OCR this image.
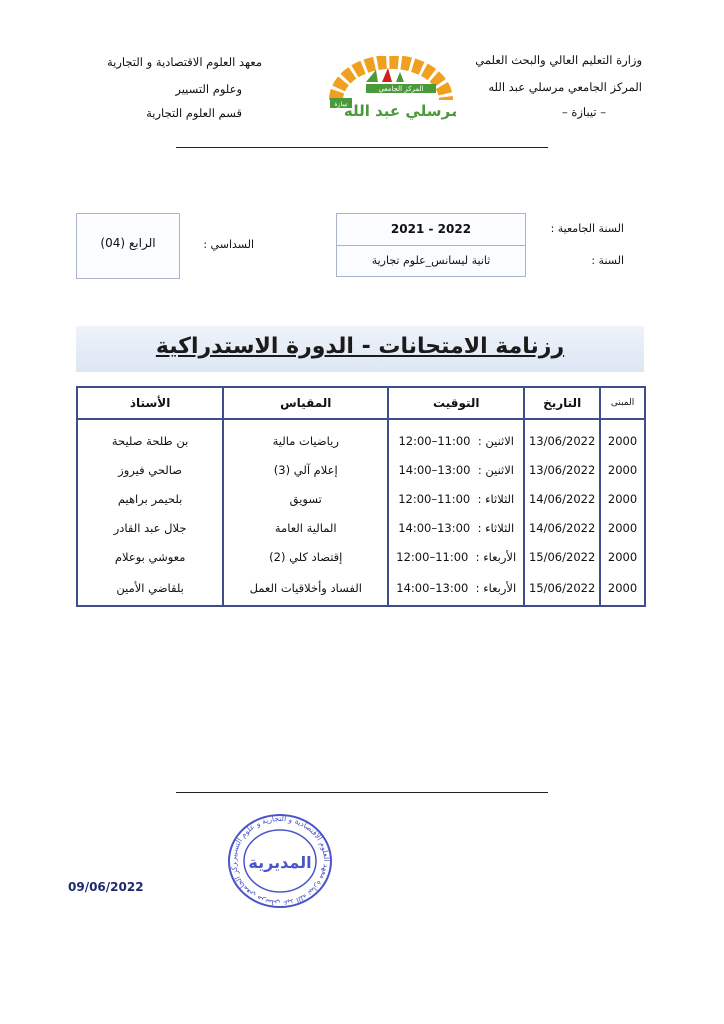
وزارة التعليم العالي والبحث العلمي
المركز الجامعي مرسلي عبد الله
– تيبازة –
معهد العلوم الاقتصادية و التجارية
وعلوم التسيير
قسم العلوم التجارية
المركز الجامعي
تيبازة
مرسلي عبد الله
الرابع (04)	السداسي :
2022 - 2021
ثانية ليسانس_علوم تجارية
السنة الجامعية :
السنة :
رزنامة الامتحانات - الدورة الاستدراكية
المبنى	التاريخ	التوقيت	المقياس	الأستاذ
2000	13/06/2022	الاثنين :  11:00–12:00	رياضيات مالية	بن طلحة صليحة
2000	13/06/2022	الاثنين :  13:00–14:00	إعلام آلي (3)	صالحي فيروز
2000	14/06/2022	الثلاثاء :  11:00–12:00	تسويق	بلحيمر براهيم
2000	14/06/2022	الثلاثاء :  13:00–14:00	المالية العامة	جلال عبد القادر
2000	15/06/2022	الأربعاء :  11:00–12:00	إقتصاد كلي (2)	معوشي بوعلام
2000	15/06/2022	الأربعاء :  13:00–14:00	الفساد وأخلاقيات العمل	بلقاضي الأمين
ركز الجامعي مرسلي عبد الله تيبازة معهد العلوم الاقتصادية و التجارية و علوم التسيير
المديرية
09/06/2022
